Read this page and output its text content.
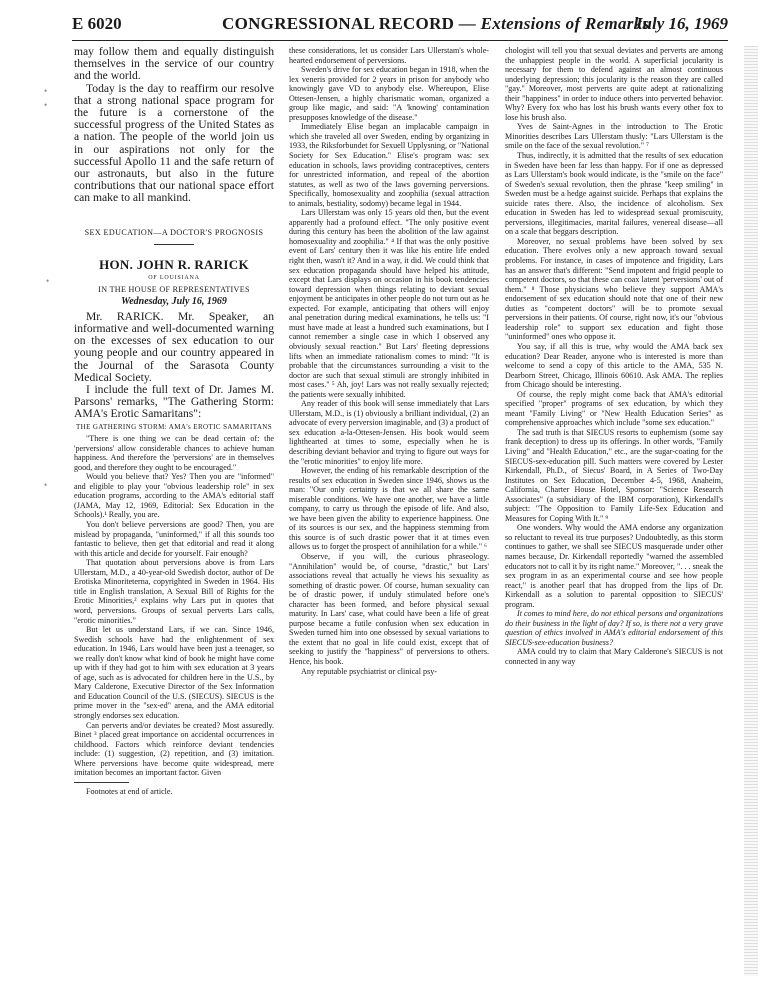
E 6020	CONGRESSIONAL RECORD — Extensions of Remarks
July 16, 1969

may follow them and equally distinguish themselves in the service of our country and the world.

Today is the day to reaffirm our resolve that a strong national space program for the future is a cornerstone of the successful progress of the United States as a nation. The people of the world join us in our aspirations not only for the successful Apollo 11 and the safe return of our astronauts, but also in the future contributions that our national space effort can make to all mankind.

SEX EDUCATION—A DOCTOR'S PROGNOSIS

HON. JOHN R. RARICK

OF LOUISIANA

IN THE HOUSE OF REPRESENTATIVES

Wednesday, July 16, 1969

Mr. RARICK. Mr. Speaker, an informative and well-documented warning on the excesses of sex education to our young people and our country appeared in the Journal of the Sarasota County Medical Society.

I include the full text of Dr. James M. Parsons' remarks, "The Gathering Storm: AMA's Erotic Samaritans":

THE GATHERING STORM: AMA's EROTIC SAMARITANS

"There is one thing we can be dead certain of: the 'perversions' allow considerable chances to achieve human happiness. And therefore the 'perversions' are in themselves good, and therefore they ought to be encouraged."

Would you believe that? Yes? Then you are "informed" and eligible to play your "obvious leadership role" in sex education programs, according to the AMA's editorial staff (JAMA, May 12, 1969, Editorial: Sex Education in the Schools).¹ Really, you are.

You don't believe perversions are good? Then, you are mislead by propaganda, "uninformed," if all this sounds too fantastic to believe, then get that editorial and read it along with this article and decide for yourself. Fair enough?

That quotation about perversions above is from Lars Ullerstam, M.D., a 40-year-old Swedish doctor, author of De Erotiska Minoriteterna, copyrighted in Sweden in 1964. His title in English translation, A Sexual Bill of Rights for the Erotic Minorities,² explains why Lars put in quotes that word, perversions. Groups of sexual perverts Lars calls, "erotic minorities."

But let us understand Lars, if we can. Since 1946, Swedish schools have had the enlightenment of sex education. In 1946, Lars would have been just a teenager, so we really don't know what kind of book he might have come up with if they had got to him with sex education at 3 years of age, such as is advocated for children here in the U.S., by Mary Calderone, Executive Director of the Sex Information and Education Council of the U.S. (SIECUS). SIECUS is the prime mover in the "sex-ed" arena, and the AMA editorial strongly endorses sex education.

Can perverts and/or deviates be created? Most assuredly. Binet ³ placed great importance on accidental occurrences in childhood. Factors which reinforce deviant tendencies include: (1) suggestion, (2) repetition, and (3) imitation. Where perversions have become quite widespread, mere imitation becomes an important factor. Given

Footnotes at end of article.

these considerations, let us consider Lars Ullerstam's whole-hearted endorsement of perversions.

Sweden's drive for sex education began in 1918, when the lex veneris provided for 2 years in prison for anybody who knowingly gave VD to anybody else. Whereupon, Elise Ottesen-Jensen, a highly charismatic woman, organized a group like magic, and said: "A 'knowing' contamination presupposes knowledge of the disease."

Immediately Elise began an implacable campaign in which she traveled all over Sweden, ending by organizing in 1933, the Riksforbundet for Sexuell Upplysning, or "National Society for Sex Education." Elise's program was: sex education in schools, laws providing contraceptives, centers for unrestricted information, and repeal of the abortion statutes, as well as two of the laws governing perversions. Specifically, homosexuality and zoophilia (sexual attraction to animals, bestiality, sodomy) became legal in 1944.

Lars Ullerstam was only 15 years old then, but the event apparently had a profound effect. "The only positive event during this century has been the abolition of the law against homosexuality and zoophilia." ⁴ If that was the only positive event of Lars' century then it was like his entire life ended right then, wasn't it? And in a way, it did. We could think that sex education propaganda should have helped his attitude, except that Lars displays on occasion in his book tendencies toward depression when things relating to deviant sexual enjoyment be anticipates in other people do not turn out as he expected. For example, anticipating that others will enjoy anal penetration during medical examinations, he tells us: "I must have made at least a hundred such examinations, but I cannot remember a single case in which I observed any obviously sexual reaction." But Lars' fleeting depressions lifts when an immediate rationalism comes to mind: "It is probable that the circumstances surrounding a visit to the doctor are such that sexual stimuli are strongly inhibited in most cases." ⁵ Ah, joy! Lars was not really sexually rejected; the patients were sexually inhibited.

Any reader of this book will sense immediately that Lars Ullerstam, M.D., is (1) obviously a brilliant individual, (2) an advocate of every perversion imaginable, and (3) a product of sex education a-la-Ottesen-Jensen. His book would seem lighthearted at times to some, especially when he is describing deviant behavior and trying to figure out ways for the "erotic minorities" to enjoy life more.

However, the ending of his remarkable description of the results of sex education in Sweden since 1946, shows us the man: "Our only certainty is that we all share the same miserable conditions. We have one another, we have a little company, to carry us through the episode of life. And also, we have been given the ability to experience happiness. One of its sources is our sex, and the happiness stemming from this source is of such drastic power that it at times even allows us to forget the prospect of annihilation for a while." ⁶

Observe, if you will, the curious phraseology. "Annihilation" would be, of course, "drastic," but Lars' associations reveal that actually he views his sexuality as something of drastic power. Of course, human sexuality can be of drastic power, if unduly stimulated before one's character has been formed, and before physical sexual maturity. In Lars' case, what could have been a life of great purpose became a futile confusion when sex education in Sweden turned him into one obsessed by sexual variations to the extent that no goal in life could exist, except that of seeking to justify the "happiness" of perversions to others. Hence, his book.

Any reputable psychiatrist or clinical psy-

chologist will tell you that sexual deviates and perverts are among the unhappiest people in the world. A superficial jocularity is necessary for them to defend against an almost continuous underlying depression; this jocularity is the reason they are called "gay." Moreover, most perverts are quite adept at rationalizing their "happiness" in order to induce others into perverted behavior. Why? Every fox who has lost his brush wants every other fox to lose his brush also.

Yves de Saint-Agnes in the introduction to The Erotic Minorities describes Lars Ullerstam thusly: "Lars Ullerstam is the smile on the face of the sexual revolution." ⁷

Thus, indirectly, it is admitted that the results of sex education in Sweden have been far less than happy. For if one as depressed as Lars Ullerstam's book would indicate, is the "smile on the face" of Sweden's sexual revolution, then the phrase "keep smiling" in Sweden must be a hedge against suicide. Perhaps that explains the suicide rates there. Also, the incidence of alcoholism. Sex education in Sweden has led to widespread sexual promiscuity, perversions, illegitimacies, marital failures, venereal disease—all on a scale that beggars description.

Moreover, no sexual problems have been solved by sex education. There evolves only a new approach toward sexual problems. For instance, in cases of impotence and frigidity, Lars has an answer that's different: "Send impotent and frigid people to competent doctors, so that these can coax latent 'perversions' out of them." ⁸ Those physicians who believe they support AMA's endorsement of sex education should note that one of their new duties as "competent doctors" will be to promote sexual perversions in their patients. Of course, right now, it's our "obvious leadership role" to support sex education and fight those "uninformed" ones who oppose it.

You say, if all this is true, why would the AMA back sex education? Dear Reader, anyone who is interested is more than welcome to send a copy of this article to the AMA, 535 N. Dearborn Street, Chicago, Illinois 60610. Ask AMA. The replies from Chicago should be interesting.

Of course, the reply might come back that AMA's editorial specified "proper" programs of sex education, by which they meant "Family Living" or "New Health Education Series" as comprehensive approaches which include "some sex education."

The sad truth is that SIECUS resorts to euphemism (some say frank deception) to dress up its offerings. In other words, "Family Living" and "Health Education," etc., are the sugar-coating for the SIECUS-sex-education pill. Such matters were covered by Lester Kirkendall, Ph.D., of Siecus' Board, in A Series of Two-Day Institutes on Sex Education, December 4-5, 1968, Anaheim, California, Charter House Hotel, Sponsor: "Science Research Associates" (a subsidiary of the IBM corporation), Kirkendall's subject: "The Opposition to Family Life-Sex Education and Measures for Coping With It." ⁹

One wonders. Why would the AMA endorse any organization so reluctant to reveal its true purposes? Undoubtedly, as this storm continues to gather, we shall see SIECUS masquerade under other names because, Dr. Kirkendall reportedly "warned the assembled educators not to call it by its right name." Moreover, ". . . sneak the sex program in as an experimental course and see how people react," is another pearl that has dropped from the lips of Dr. Kirkendall as a solution to parental opposition to SIECUS' program.

It comes to mind here, do not ethical persons and organizations do their business in the light of day? If so, is there not a very grave question of ethics involved in AMA's editorial endorsement of this SIECUS-sex-education business?

AMA could try to claim that Mary Calderone's SIECUS is not connected in any way

•
•
•
•
